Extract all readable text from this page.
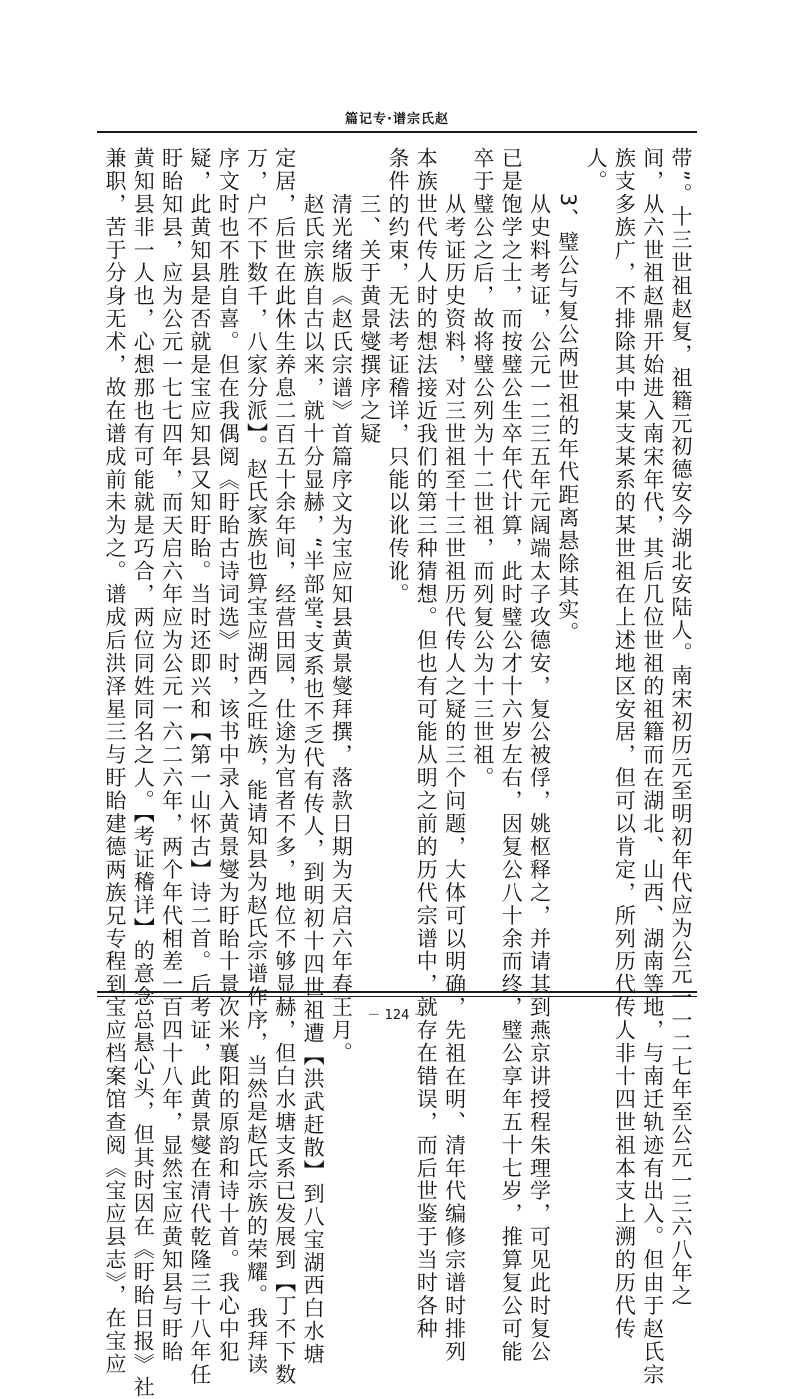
篇记专·谱宗氏赵
带”。十三世祖赵复，祖籍元初德安今湖北安陆人。南宋初历元至明初年代应为公元一一二七年至公元一三六八年之
间，从六世祖赵鼎开始进入南宋年代，其后几位世祖的祖籍而在湖北、山西、湖南等地，与南迁轨迹有出入。但由于赵氏宗
族支多族广，不排除其中某支某系的某世祖在上述地区安居，但可以肯定，所列历代传人非十四世祖本支上溯的历代传
人。
　　3、璧公与复公两世祖的年代距离悬除其实。
　　从史料考证，公元一二三五年元阔端太子攻德安，复公被俘，姚枢释之，并请其到燕京讲授程朱理学，可见此时复公
已是饱学之士，而按璧公生卒年代计算，此时璧公才十六岁左右，因复公八十余而终，璧公享年五十七岁，推算复公可能
卒于璧公之后，故将璧公列为十二世祖，而列复公为十三世祖。
　　从考证历史资料，对三世祖至十三世祖历代传人之疑的三个问题，大体可以明确，先祖在明、清年代编修宗谱时排列
本族世代传人时的想法接近我们的第三种猜想。但也有可能从明之前的历代宗谱中，就存在错误，而后世鉴于当时各种
条件的约束，无法考证稽详，只能以讹传讹。
　　三、关于黄景燮撰序之疑
　　清光绪版《赵氏宗谱》首篇序文为宝应知县黄景燮拜撰，落款日期为天启六年春王月。
　　赵氏宗族自古以来，就十分显赫，“半部堂”支系也不乏代有传人，到明初十四世祖遭【洪武赶散】到八宝湖西白水塘
定居，后世在此休生养息二百五十余年间，经营田园，仕途为官者不多，地位不够显赫，但白水塘支系已发展到【丁不下数
万，户不下数千，八家分派】。赵氏家族也算宝应湖西之旺族，能请知县为赵氏宗谱作序，当然是赵氏宗族的荣耀。我拜读
序文时也不胜自喜。但在我偶阅《盱眙古诗词选》时，该书中录入黄景燮为盱眙十景次米襄阳的原韵和诗十首。我心中犯
疑，此黄知县是否就是宝应知县又知盱眙。当时还即兴和【第一山怀古】诗二首。后考证，此黄景燮在清代乾隆三十八年任
盱眙知县，应为公元一七七四年，而天启六年应为公元一六二六年，两个年代相差一百四十八年，显然宝应黄知县与盱眙
黄知县非一人也，心想那也有可能就是巧合，两位同姓同名之人。【考证稽详】的意念总悬心头，但其时因在《盱眙日报》社
兼职，苦于分身无术，故在谱成前未为之。谱成后洪泽星三与盱眙建德两族兄专程到宝应档案馆查阅《宝应县志》，在宝应	－ 124 －
